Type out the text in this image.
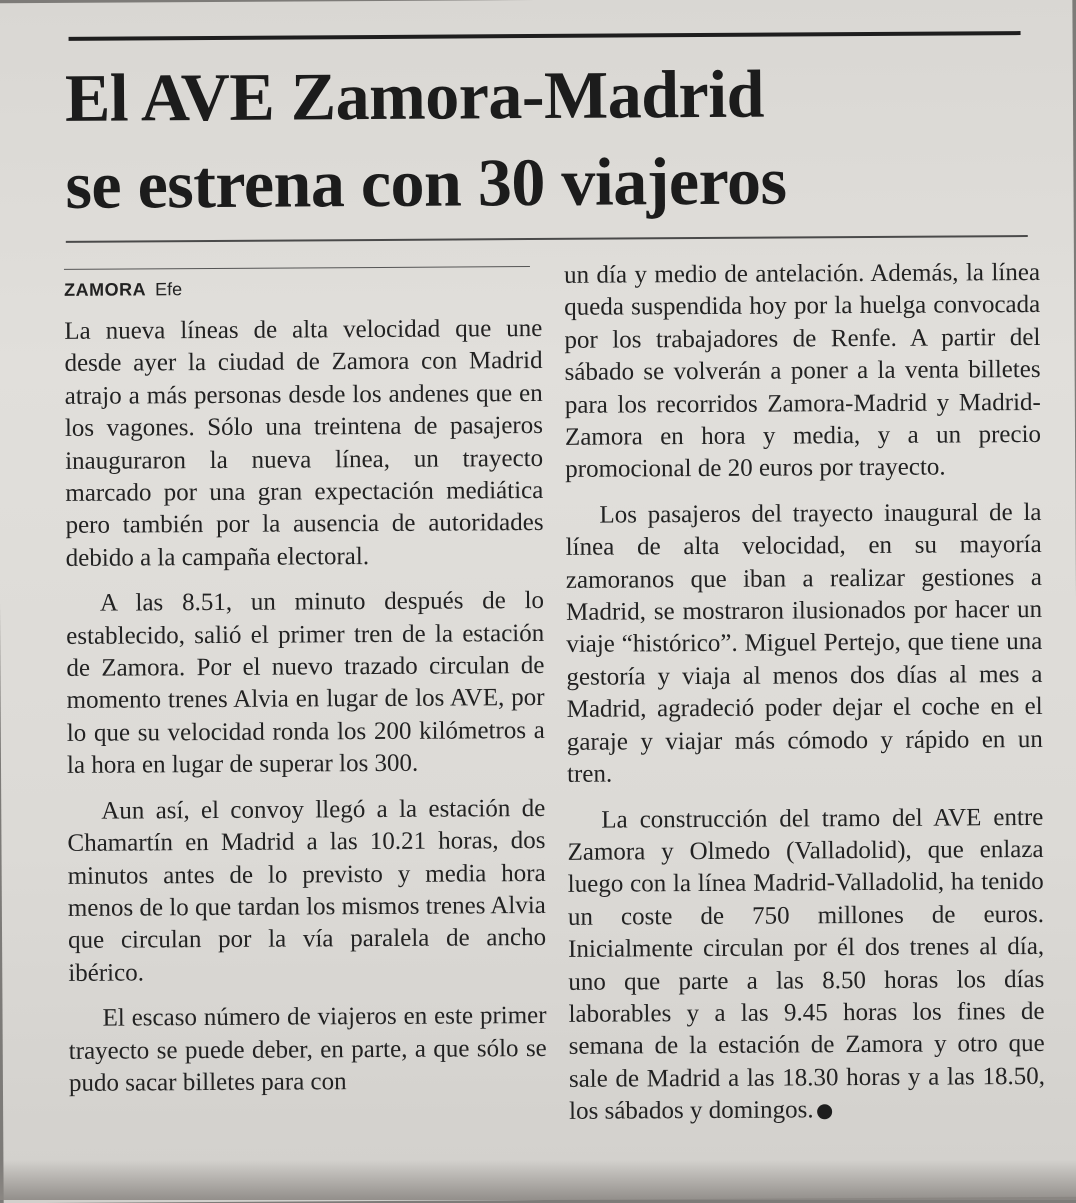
El AVE Zamora-Madrid
se estrena con 30 viajeros
ZAMORA Efe

La nueva líneas de alta velocidad que une desde ayer la ciudad de Zamora con Madrid atrajo a más personas desde los andenes que en los vagones. Sólo una treintena de pasajeros inauguraron la nueva línea, un trayecto marcado por una gran expectación mediática pero también por la ausencia de autoridades debido a la campaña electoral.

A las 8.51, un minuto después de lo establecido, salió el primer tren de la estación de Zamora. Por el nuevo trazado circulan de momento trenes Alvia en lugar de los AVE, por lo que su velocidad ronda los 200 kilómetros a la hora en lugar de superar los 300.

Aun así, el convoy llegó a la estación de Chamartín en Madrid a las 10.21 horas, dos minutos antes de lo previsto y media hora menos de lo que tardan los mismos trenes Alvia que circulan por la vía paralela de ancho ibérico.

El escaso número de viajeros en este primer trayecto se puede deber, en parte, a que sólo se pudo sacar billetes para con

un día y medio de antelación. Además, la línea queda suspendida hoy por la huelga convocada por los trabajadores de Renfe. A partir del sábado se volverán a poner a la venta billetes para los recorridos Zamora-Madrid y Madrid-Zamora en hora y media, y a un precio promocional de 20 euros por trayecto.

Los pasajeros del trayecto inaugural de la línea de alta velocidad, en su mayoría zamoranos que iban a realizar gestiones a Madrid, se mostraron ilusionados por hacer un viaje “histórico”. Miguel Pertejo, que tiene una gestoría y viaja al menos dos días al mes a Madrid, agradeció poder dejar el coche en el garaje y viajar más cómodo y rápido en un tren.

La construcción del tramo del AVE entre Zamora y Olmedo (Valladolid), que enlaza luego con la línea Madrid-Valladolid, ha tenido un coste de 750 millones de euros. Inicialmente circulan por él dos trenes al día, uno que parte a las 8.50 horas los días laborables y a las 9.45 horas los fines de semana de la estación de Zamora y otro que sale de Madrid a las 18.30 horas y a las 18.50, los sábados y domingos.
